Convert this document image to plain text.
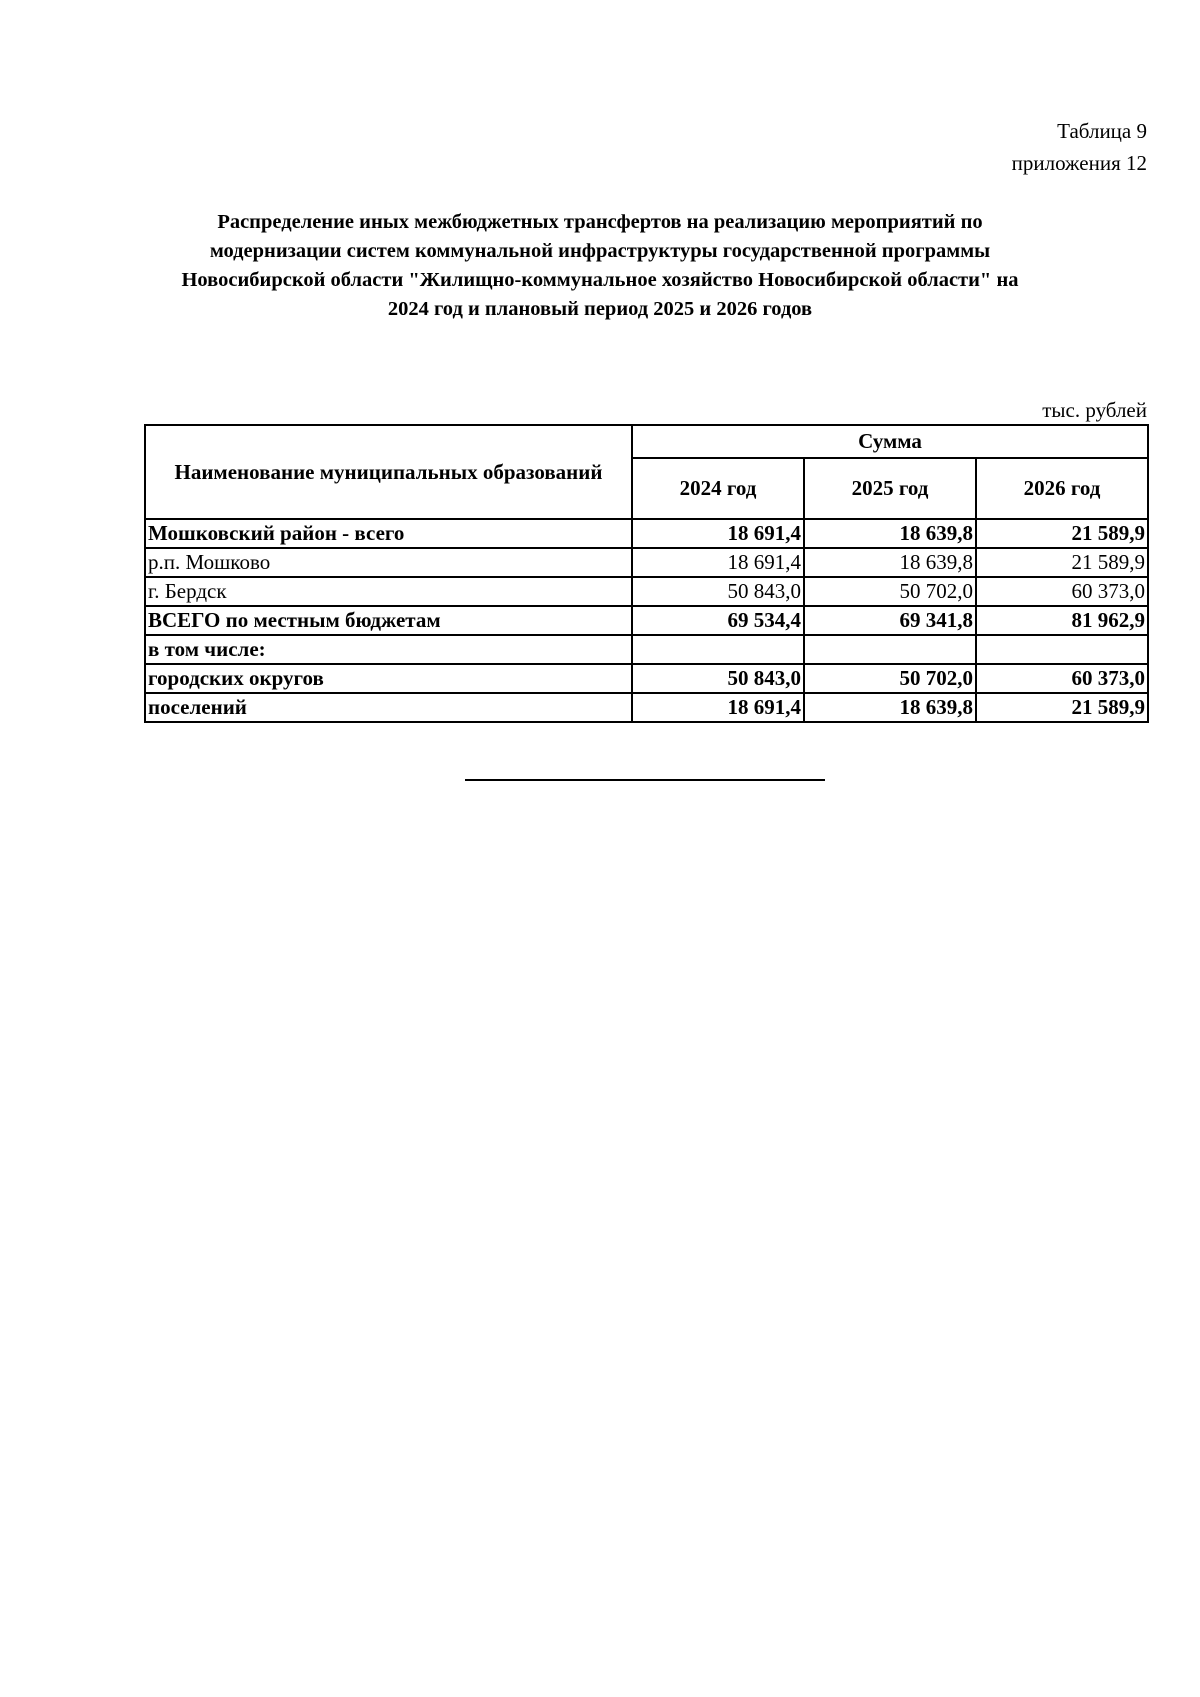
Таблица 9
приложения 12
Распределение иных межбюджетных трансфертов на реализацию мероприятий по
модернизации систем коммунальной инфраструктуры государственной программы
Новосибирской области "Жилищно-коммунальное хозяйство Новосибирской области" на
2024 год и плановый период 2025 и 2026 годов
тыс. рублей
Наименование муниципальных образований	Сумма		
	2024 год	2025 год	2026 год
Мошковский район - всего	18 691,4	18 639,8	21 589,9
р.п. Мошково	18 691,4	18 639,8	21 589,9
г. Бердск	50 843,0	50 702,0	60 373,0
ВСЕГО по местным бюджетам	69 534,4	69 341,8	81 962,9
в том числе:			
городских округов	50 843,0	50 702,0	60 373,0
поселений	18 691,4	18 639,8	21 589,9
